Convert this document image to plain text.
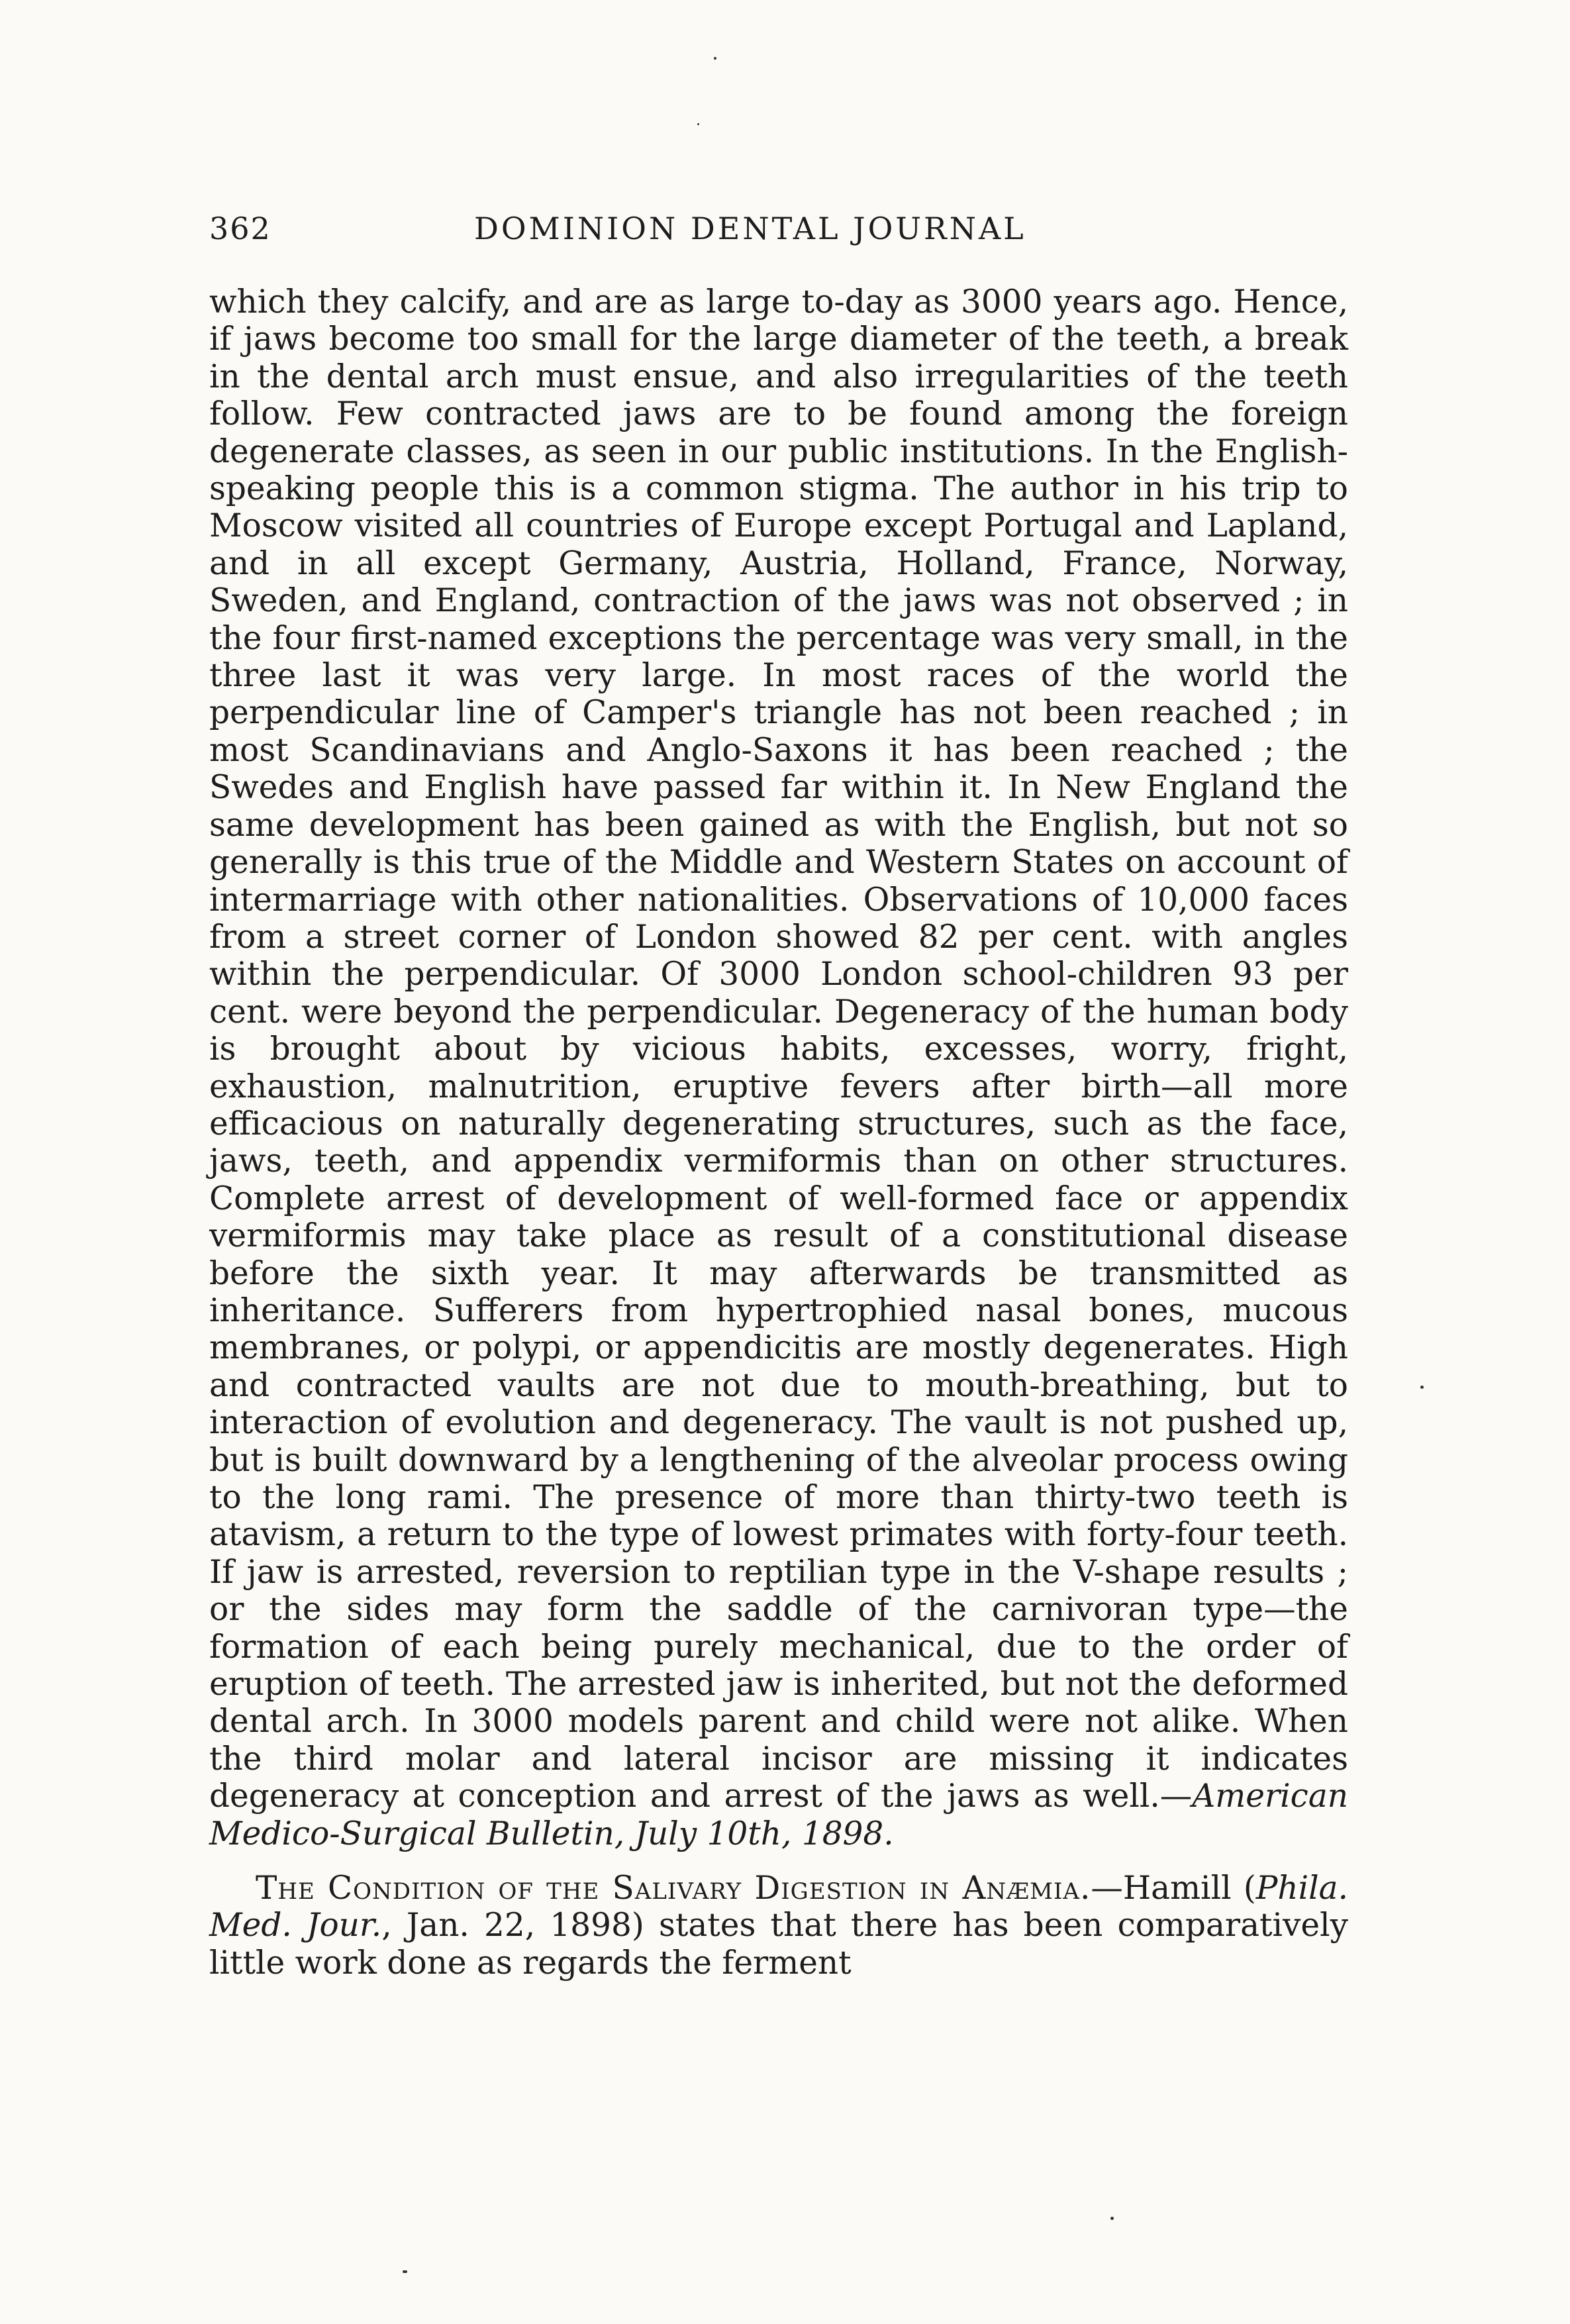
362	DOMINION DENTAL JOURNAL

which they calcify, and are as large to-day as 3000 years ago. Hence, if jaws become too small for the large diameter of the teeth, a break in the dental arch must ensue, and also irregularities of the teeth follow. Few contracted jaws are to be found among the foreign degenerate classes, as seen in our public institutions. In the English-speaking people this is a common stigma. The author in his trip to Moscow visited all countries of Europe except Portugal and Lapland, and in all except Germany, Austria, Holland, France, Norway, Sweden, and England, contraction of the jaws was not observed ; in the four first-named exceptions the percentage was very small, in the three last it was very large. In most races of the world the perpendicular line of Camper's triangle has not been reached ; in most Scandinavians and Anglo-Saxons it has been reached ; the Swedes and English have passed far within it. In New England the same development has been gained as with the English, but not so generally is this true of the Middle and Western States on account of intermarriage with other nationalities. Observations of 10,000 faces from a street corner of London showed 82 per cent. with angles within the perpendicular. Of 3000 London school-children 93 per cent. were beyond the perpendicular. Degeneracy of the human body is brought about by vicious habits, excesses, worry, fright, exhaustion, malnutrition, eruptive fevers after birth—all more efficacious on naturally degenerating structures, such as the face, jaws, teeth, and appendix vermiformis than on other structures. Complete arrest of development of well-formed face or appendix vermiformis may take place as result of a constitutional disease before the sixth year. It may afterwards be transmitted as inheritance. Sufferers from hypertrophied nasal bones, mucous membranes, or polypi, or appendicitis are mostly degenerates. High and contracted vaults are not due to mouth-breathing, but to interaction of evolution and degeneracy. The vault is not pushed up, but is built downward by a lengthening of the alveolar process owing to the long rami. The presence of more than thirty-two teeth is atavism, a return to the type of lowest primates with forty-four teeth. If jaw is arrested, reversion to reptilian type in the V-shape results ; or the sides may form the saddle of the carnivoran type—the formation of each being purely mechanical, due to the order of eruption of teeth. The arrested jaw is inherited, but not the deformed dental arch. In 3000 models parent and child were not alike. When the third molar and lateral incisor are missing it indicates degeneracy at conception and arrest of the jaws as well.—American Medico-Surgical Bulletin, July 10th, 1898.

The Condition of the Salivary Digestion in Anæmia.—Hamill (Phila. Med. Jour., Jan. 22, 1898) states that there has been comparatively little work done as regards the ferment
